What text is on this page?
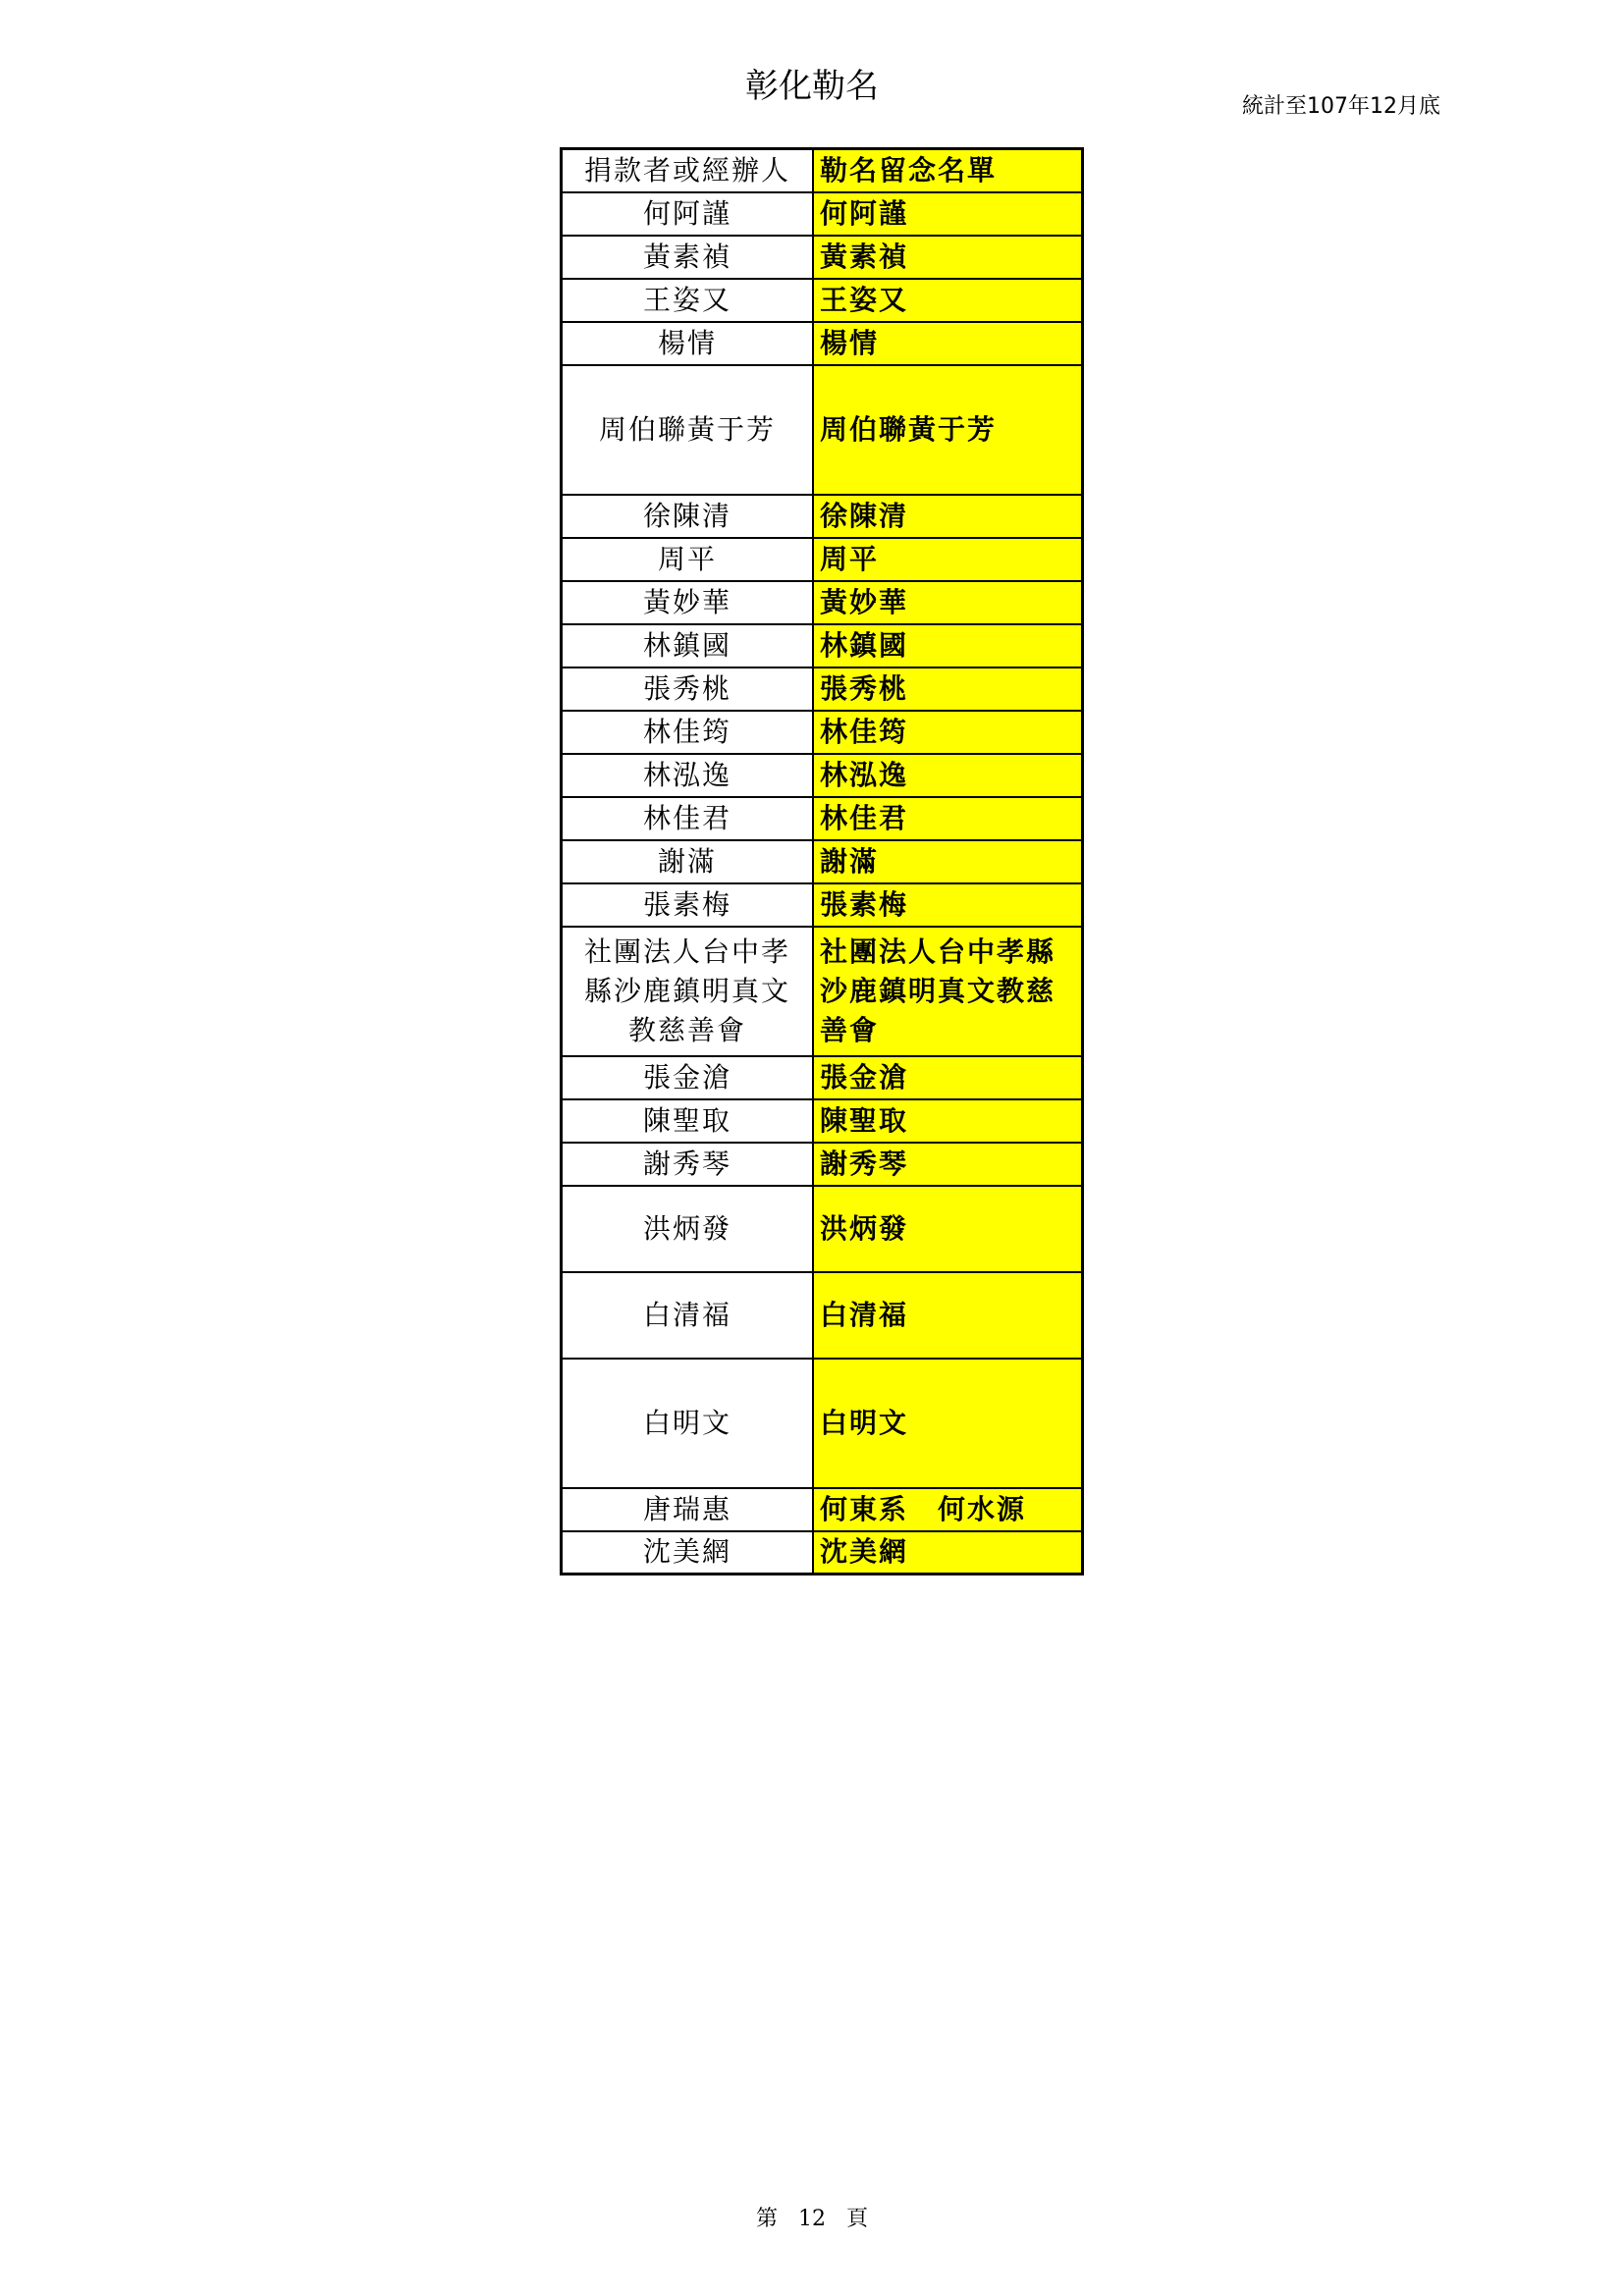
彰化勒名
統計至107年12月底
捐款者或經辦人	勒名留念名單
何阿謹	何阿謹
黃素禎	黃素禎
王姿又	王姿又
楊情	楊情
周伯聯黃于芳	周伯聯黃于芳
徐陳清	徐陳清
周平	周平
黃妙華	黃妙華
林鎮國	林鎮國
張秀桃	張秀桃
林佳筠	林佳筠
林泓逸	林泓逸
林佳君	林佳君
謝滿	謝滿
張素梅	張素梅
社團法人台中孝縣沙鹿鎮明真文教慈善會	社團法人台中孝縣沙鹿鎮明真文教慈善會
張金滄	張金滄
陳聖取	陳聖取
謝秀琴	謝秀琴
洪炳發	洪炳發
白清福	白清福
白明文	白明文
唐瑞惠	何東系　何水源
沈美網	沈美網
第 12 頁
